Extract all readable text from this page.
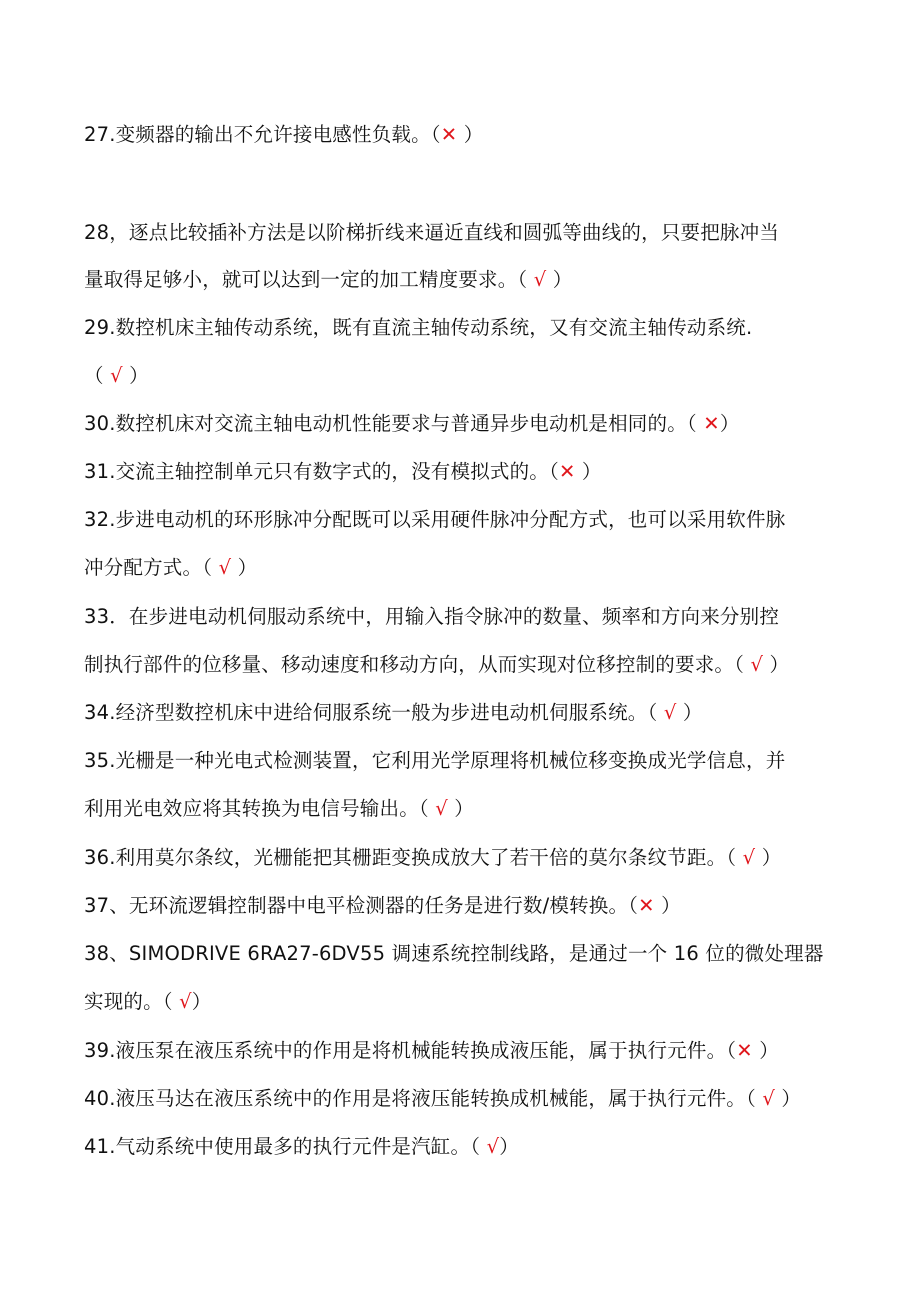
27.变频器的输出不允许接电感性负载。（✕ ）
28，逐点比较插补方法是以阶梯折线来逼近直线和圆弧等曲线的，只要把脉冲当
量取得足够小，就可以达到一定的加工精度要求。（ √ ）
29.数控机床主轴传动系统，既有直流主轴传动系统，又有交流主轴传动系统.
（ √ ）
30.数控机床对交流主轴电动机性能要求与普通异步电动机是相同的。（ ✕）
31.交流主轴控制单元只有数字式的，没有模拟式的。（✕ ）
32.步进电动机的环形脉冲分配既可以采用硬件脉冲分配方式，也可以采用软件脉
冲分配方式。（ √ ）
33．在步进电动机伺服动系统中，用输入指令脉冲的数量、频率和方向来分别控
制执行部件的位移量、移动速度和移动方向，从而实现对位移控制的要求。（ √ ）
34.经济型数控机床中进给伺服系统一般为步进电动机伺服系统。（ √ ）
35.光栅是一种光电式检测装置，它利用光学原理将机械位移变换成光学信息，并
利用光电效应将其转换为电信号输出。（ √ ）
36.利用莫尔条纹，光栅能把其栅距变换成放大了若干倍的莫尔条纹节距。（ √ ）
37、无环流逻辑控制器中电平检测器的任务是进行数/模转换。（✕ ）
38、SIMODRIVE 6RA27-6DV55 调速系统控制线路，是通过一个 16 位的微处理器
实现的。（ √）
39.液压泵在液压系统中的作用是将机械能转换成液压能，属于执行元件。（✕ ）
40.液压马达在液压系统中的作用是将液压能转换成机械能，属于执行元件。（ √ ）
41.气动系统中使用最多的执行元件是汽缸。（ √）
